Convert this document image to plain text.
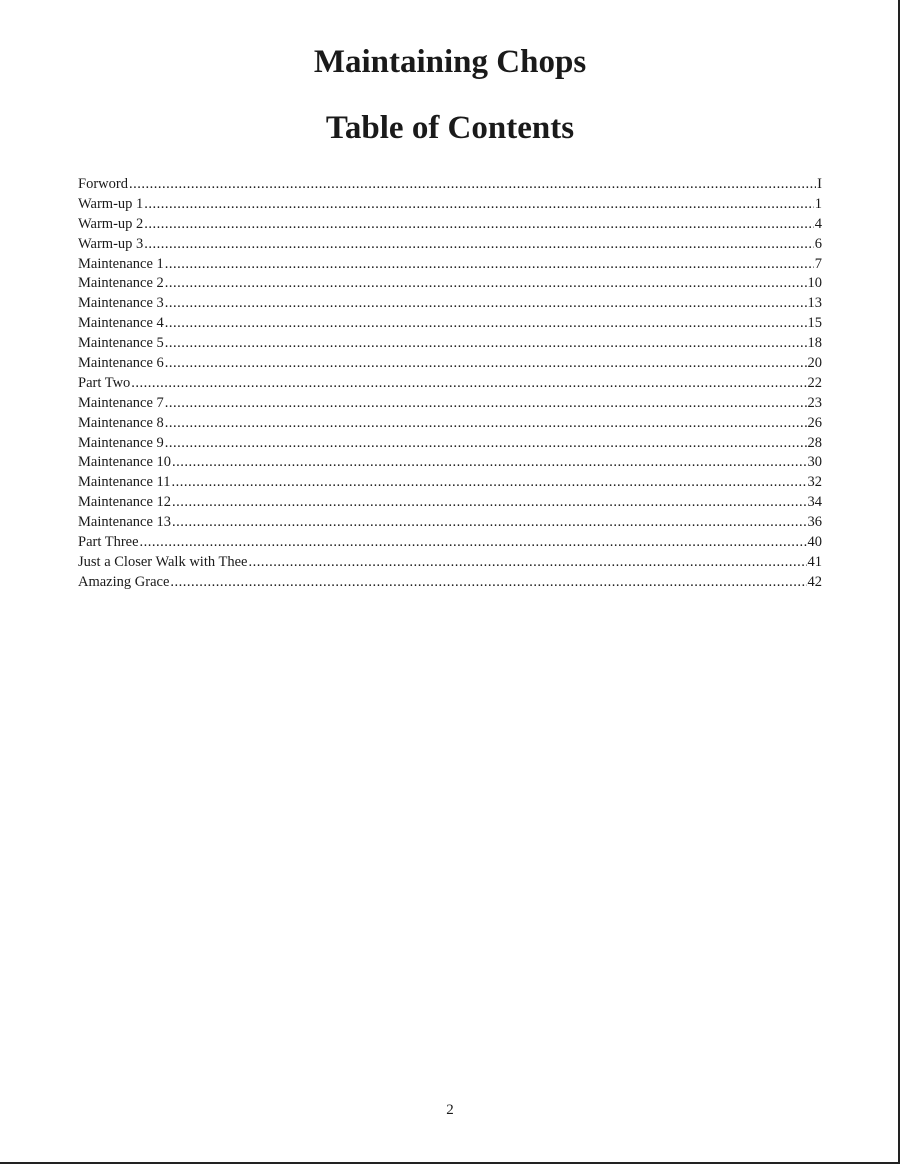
Maintaining Chops
Table of Contents
Forword .....	I
Warm-up 1 .....	1
Warm-up 2 .....	4
Warm-up 3 .....	6
Maintenance 1 .....	7
Maintenance 2 .....	10
Maintenance 3 .....	13
Maintenance 4 .....	15
Maintenance 5 .....	18
Maintenance 6 .....	20
Part Two .....	22
Maintenance 7 .....	23
Maintenance 8 .....	26
Maintenance 9 .....	28
Maintenance 10 .....	30
Maintenance 11 .....	32
Maintenance 12 .....	34
Maintenance 13 .....	36
Part Three .....	40
Just a Closer Walk with Thee .....	41
Amazing Grace .....	42
2
